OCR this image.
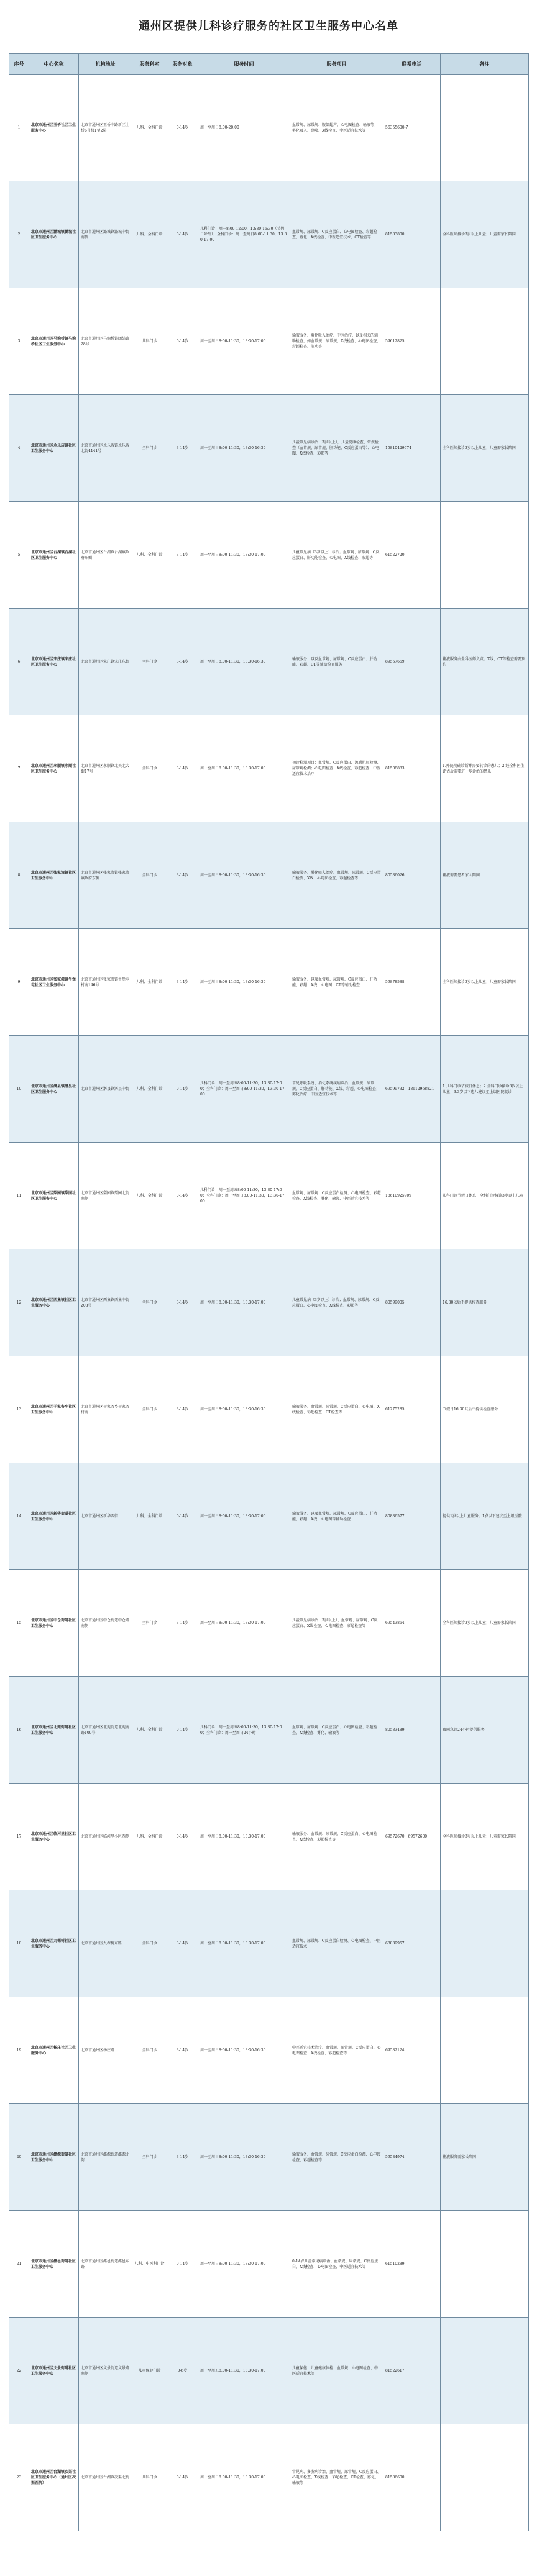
通州区提供儿科诊疗服务的社区卫生服务中心名单
序号	中心名称	机构地址	服务科室	服务对象	服务时间	服务项目	联系电话	备注
1	北京市通州区玉桥社区卫生服务中心	北京市通州区玉桥中路新区土桥6号楼1至2层	儿科、全科门诊	0-14岁	周一至周日8:00-20:00	血常规、尿常规、腹部超声、心电图检查、输液等；雾化吸入、鼻喷、X线检查、中医适宜技术等	56355600-7	
2	北京市通州区潞城镇潞城社区卫生服务中心	北京市通州区潞城镇潞城中街南侧	儿科、全科门诊	0-14岁	儿科门诊：周一8:00-12:00，13:30-16:30（节假日除外）；全科门诊：周一至周日8:00-11:30，13:30-17:00	血常规、尿常规、C反应蛋白、心电图检查、彩超检查、雾化、X线检查、中医适宜技术、CT检查等	81583800	全科医师接诊3岁以上儿童；儿童需家长陪同
3	北京市通州区马驹桥镇马驹桥社区卫生服务中心	北京市通州区马驹桥镇团结路28号	儿科门诊	0-14岁	周一至周日8:00-11:30，13:30-17:00	输液服务、雾化吸入治疗、中医治疗、以及相关的辅助检查，如血常规、尿常规、X线检查、心电图检查、彩超检查、肝功等	59612825	
4	北京市通州区永乐店镇社区卫生服务中心	北京市通州区永乐店镇永乐店北街4141号	全科门诊	3-14岁	周一至周日8:00-11:30，13:30-16:30	儿童常见病诊治（3岁以上），儿童健康检查、常规检查（血常规、尿常规、肝功能、C反应蛋白等）、心电图、X线检查、彩超等	15810429674	全科医师接诊3岁以上儿童；儿童需家长陪同
5	北京市通州区台湖镇台湖社区卫生服务中心	北京市通州区台湖镇台湖镇政府东侧	儿科、全科门诊	3-14岁	周一至周日8:00-11:30，13:30-17:00	儿童常见病（3岁以上）诊治；血常规、尿常规、C反应蛋白、肝功能检查、心电图、X线检查、彩超等	61522720	
6	北京市通州区宋庄镇宋庄社区卫生服务中心	北京市通州区宋庄镇宋庄东街	全科门诊	3-14岁	周一至周日8:00-11:30，13:30-16:30	输液服务、以及血常规、尿常规、C反应蛋白、肝功能、彩超、CT等辅助检查服务	89567669	输液服务由全科医师负责；X线、CT等检查需要预约
7	北京市通州区永顺镇永顺社区卫生服务中心	北京市通州区永顺镇北关北大街17号	全科门诊	3-14岁	周一至周日8:00-11:30，13:30-17:00	初诊检测项目：血常规、C反应蛋白、流感抗原检测、尿常规检测；心电图检查、X线检查、彩超检查；中医适宜技术治疗	81508883	1.外院明确诊断并需要转诊的患儿；2.经全科医生评估后需要进一步诊治的患儿
8	北京市通州区张家湾镇社区卫生服务中心	北京市通州区张家湾镇张家湾镇政府东侧	全科门诊	3-14岁	周一至周日8:00-11:30，13:30-16:30	输液服务、雾化吸入治疗、血常规、尿常规、C反应蛋白检测、X线、心电图检查、彩超检查等	80586026	输液需要患者家人陪同
9	北京市通州区张家湾镇牛堡屯社区卫生服务中心	北京市通州区张家湾镇牛堡屯村南146号	儿科、全科门诊	3-14岁	周一至周日8:00-11:30，13:30-16:30	输液服务、以及血常规、尿常规、C反应蛋白、肝功能、彩超、X线、心电图、CT等辅助检查	59878588	全科医师接诊3岁以上儿童；儿童需家长陪同
10	北京市通州区漷县镇漷县社区卫生服务中心	北京市通州区漷县镇漷县中街	儿科、全科门诊	0-14岁	儿科门诊：周一至周五8:00-11:30，13:30-17:00；全科门诊：周一至周日8:00-11:30，13:30-17:00	常见呼吸系统、消化系统疾病诊治；血常规、尿常规、C反应蛋白、肝功能、X线、彩超、心电图检查；雾化治疗、中医适宜技术等	69599732，18612968821	1.儿科门诊节假日休息；2.全科门诊接诊3岁以上儿童；3.3岁以下患儿建议至上级医院就诊
11	北京市通州区梨园镇梨园社区卫生服务中心	北京市通州区梨园镇梨园北街南侧	儿科、全科门诊	0-14岁	儿科门诊：周一至周五8:00-11:30，13:30-17:00；全科门诊：周一至周日8:00-11:30，13:30-17:00	血常规、尿常规、C反应蛋白检测、心电图检查、彩超检查、X线检查、雾化、输液、中医适宜技术等	18610925909	儿科门诊节假日休息；全科门诊接诊3岁以上儿童
12	北京市通州区西集镇社区卫生服务中心	北京市通州区西集镇西集中街208号	全科门诊	3-14岁	周一至周日8:00-11:30，13:30-17:00	儿童常见病（3岁以上）诊治；血常规、尿常规、C反应蛋白、心电图检查、X线检查、彩超等	80599005	16:30以后不提供检查服务
13	北京市通州区于家务乡社区卫生服务中心	北京市通州区于家务乡于家务村南	全科门诊	3-14岁	周一至周日8:00-11:30，13:30-16:30	输液服务、血常规、尿常规、C反应蛋白、心电图、X线检查、彩超检查、CT检查等	61275285	节假日16:30以后不提供检查服务
14	北京市通州区新华街道社区卫生服务中心	北京市通州区新华西街	儿科、全科门诊	0-14岁	周一至周日8:00-11:30，13:30-17:00	输液服务、以及血常规、尿常规、C反应蛋白、肝功能、彩超、X线、心电图等辅助检查	80886577	提供1岁以上儿童服务；1岁以下建议至上级医院
15	北京市通州区中仓街道社区卫生服务中心	北京市通州区中仓街道中仓路南侧	全科门诊	3-14岁	周一至周日8:00-11:30，13:30-17:00	儿童常见病诊治（3岁以上）、血常规、尿常规、C反应蛋白、X线检查、心电图检查、彩超检查等	69543864	全科医师接诊3岁以上儿童；儿童需家长陪同
16	北京市通州区北苑街道社区卫生服务中心	北京市通州区北苑街道北苑南路100号	儿科、全科门诊	0-14岁	儿科门诊：周一至周五8:00-11:30，13:30-17:00；全科门诊：周一至周日24小时	血常规、尿常规、C反应蛋白、心电图检查、彩超检查、X线检查、雾化、输液等	80533489	夜间急诊24小时提供服务
17	北京市通州区临河里社区卫生服务中心	北京市通州区临河里小区西侧	儿科、全科门诊	0-14岁	周一至周日8:00-11:30，13:30-17:00	输液服务、血常规、尿常规、C反应蛋白、心电图检查、X线检查、彩超检查等	69572670，69572600	全科医师接诊3岁以上儿童；儿童需家长陪同
18	北京市通州区九棵树社区卫生服务中心	北京市通州区九棵树东路	全科门诊	3-14岁	周一至周日8:00-11:30，13:30-17:00	血常规、尿常规、C反应蛋白检测、心电图检查、中医适宜技术	68839957	
19	北京市通州区杨庄社区卫生服务中心	北京市通州区杨庄路	全科门诊	3-14岁	周一至周日8:00-11:30，13:30-16:30	中医适宜技术治疗、血常规、尿常规、C反应蛋白、心电图检查、X线检查、彩超检查等	69582124	
20	北京市通州区潞源街道社区卫生服务中心	北京市通州区潞源街道潞源北街	全科门诊	3-14岁	周一至周日8:00-11:30，13:30-16:30	输液服务、血常规、尿常规、C反应蛋白检测、心电图检查、彩超检查等	59584974	输液服务需家长陪同
21	北京市通州区潞邑街道社区卫生服务中心	北京市通州区潞邑街道潞邑东路	儿科、中医科门诊	0-14岁	周一至周日8:00-11:30，13:30-17:00	0-14岁儿童常见病诊治、血常规、尿常规、C反应蛋白、X线检查、心电图检查、中医适宜技术等	61510289	
22	北京市通州区文景街道社区卫生服务中心	北京市通州区文景街道文景路南侧	儿童保健门诊	0-6岁	周一至周五8:00-11:30，13:30-17:00	儿童保健、儿童健康体检、血常规、心电图检查、中医适宜技术等	81522617	
23	北京市通州区台湖镇次渠社区卫生服务中心（通州区次渠医院）	北京市通州区台湖镇次渠北街	儿科门诊	0-14岁	周一至周日8:00-11:30，13:30-17:00	常见病、多发病诊治、血常规、尿常规、C反应蛋白、心电图检查、X线检查、彩超检查、CT检查、雾化、输液等	81586600	
